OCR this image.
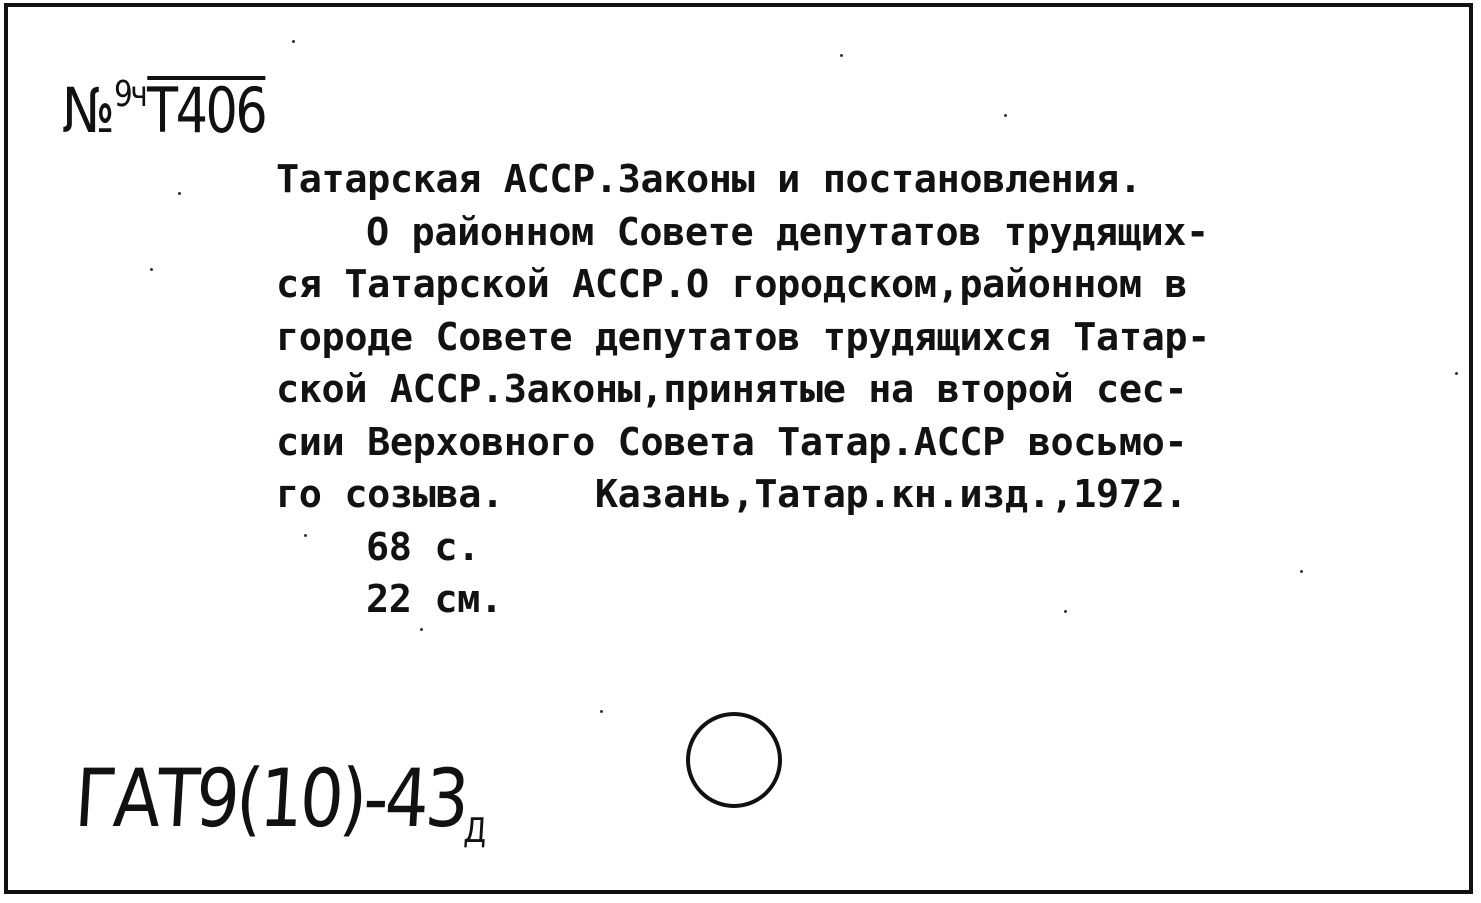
№$^{9ч}$Т406
Татарская АССР.Законы и постановления.
О районном Совете депутатов трудящих-
ся Татарской АССР.О городском,районном в
городе Совете депутатов трудящихся Татар-
ской АССР.Законы,принятые на второй сес-
сии Верховного Совета Татар.АССР восьмо-
го созыва.    Казань,Татар.кн.изд.,1972.
68 с.
22 см.
$ГАТ9(10)-43_Д$
